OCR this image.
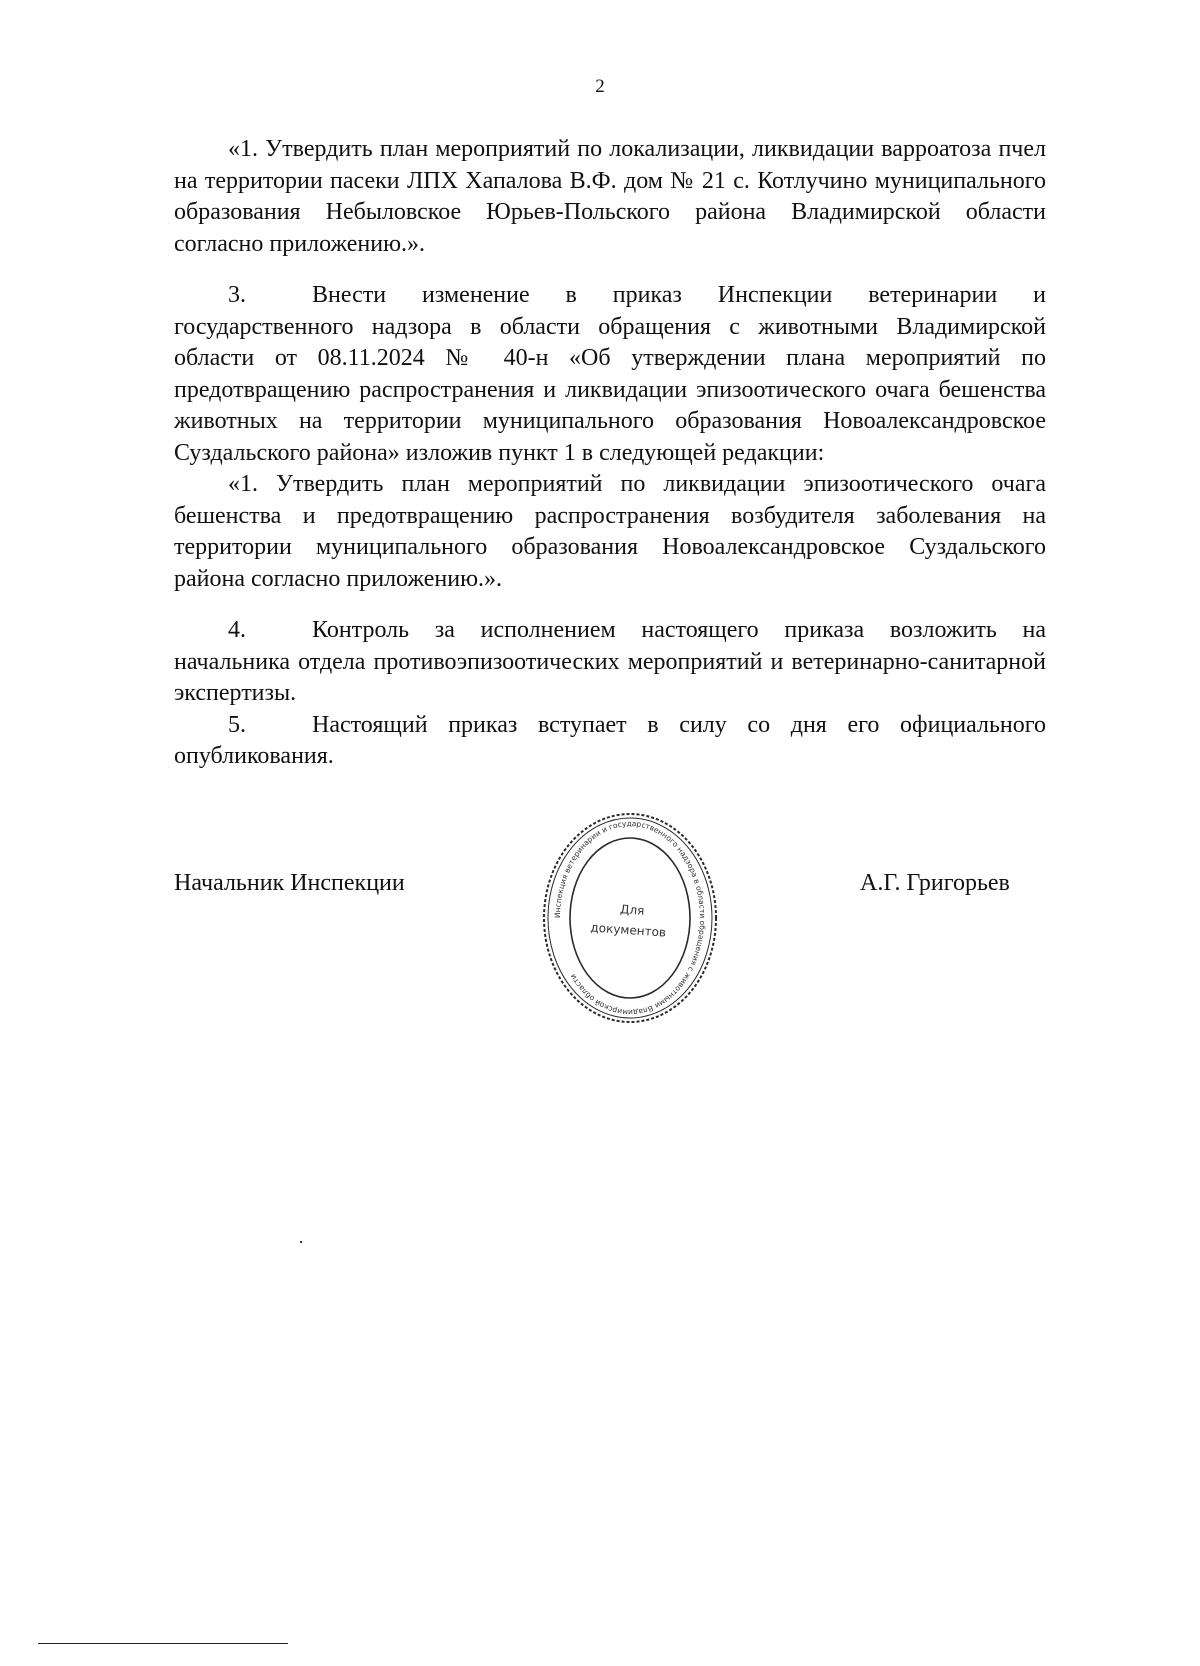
2

«1. Утвердить план мероприятий по локализации, ликвидации варроатоза пчел на территории пасеки ЛПХ Хапалова В.Ф. дом № 21 с. Котлучино муниципального образования Небыловское Юрьев-Польского района Владимирской области согласно приложению.».

3.	Внести изменение в приказ Инспекции ветеринарии и государственного надзора в области обращения с животными Владимирской области от 08.11.2024 № 40-н «Об утверждении плана мероприятий по предотвращению распространения и ликвидации эпизоотического очага бешенства животных на территории муниципального образования Новоалександровское Суздальского района» изложив пункт 1 в следующей редакции:

«1. Утвердить план мероприятий по ликвидации эпизоотического очага бешенства и предотвращению распространения возбудителя заболевания на территории муниципального образования Новоалександровское Суздальского района согласно приложению.».

4.	Контроль за исполнением настоящего приказа возложить на начальника отдела противоэпизоотических мероприятий и ветеринарно-санитарной экспертизы.

5.	Настоящий приказ вступает в силу со дня его официального опубликования.

Начальник Инспекции
Инспекция ветеринарии и государственного надзора в области обращения с животными Владимирской области
Для
документов
А.Г. Григорьев
